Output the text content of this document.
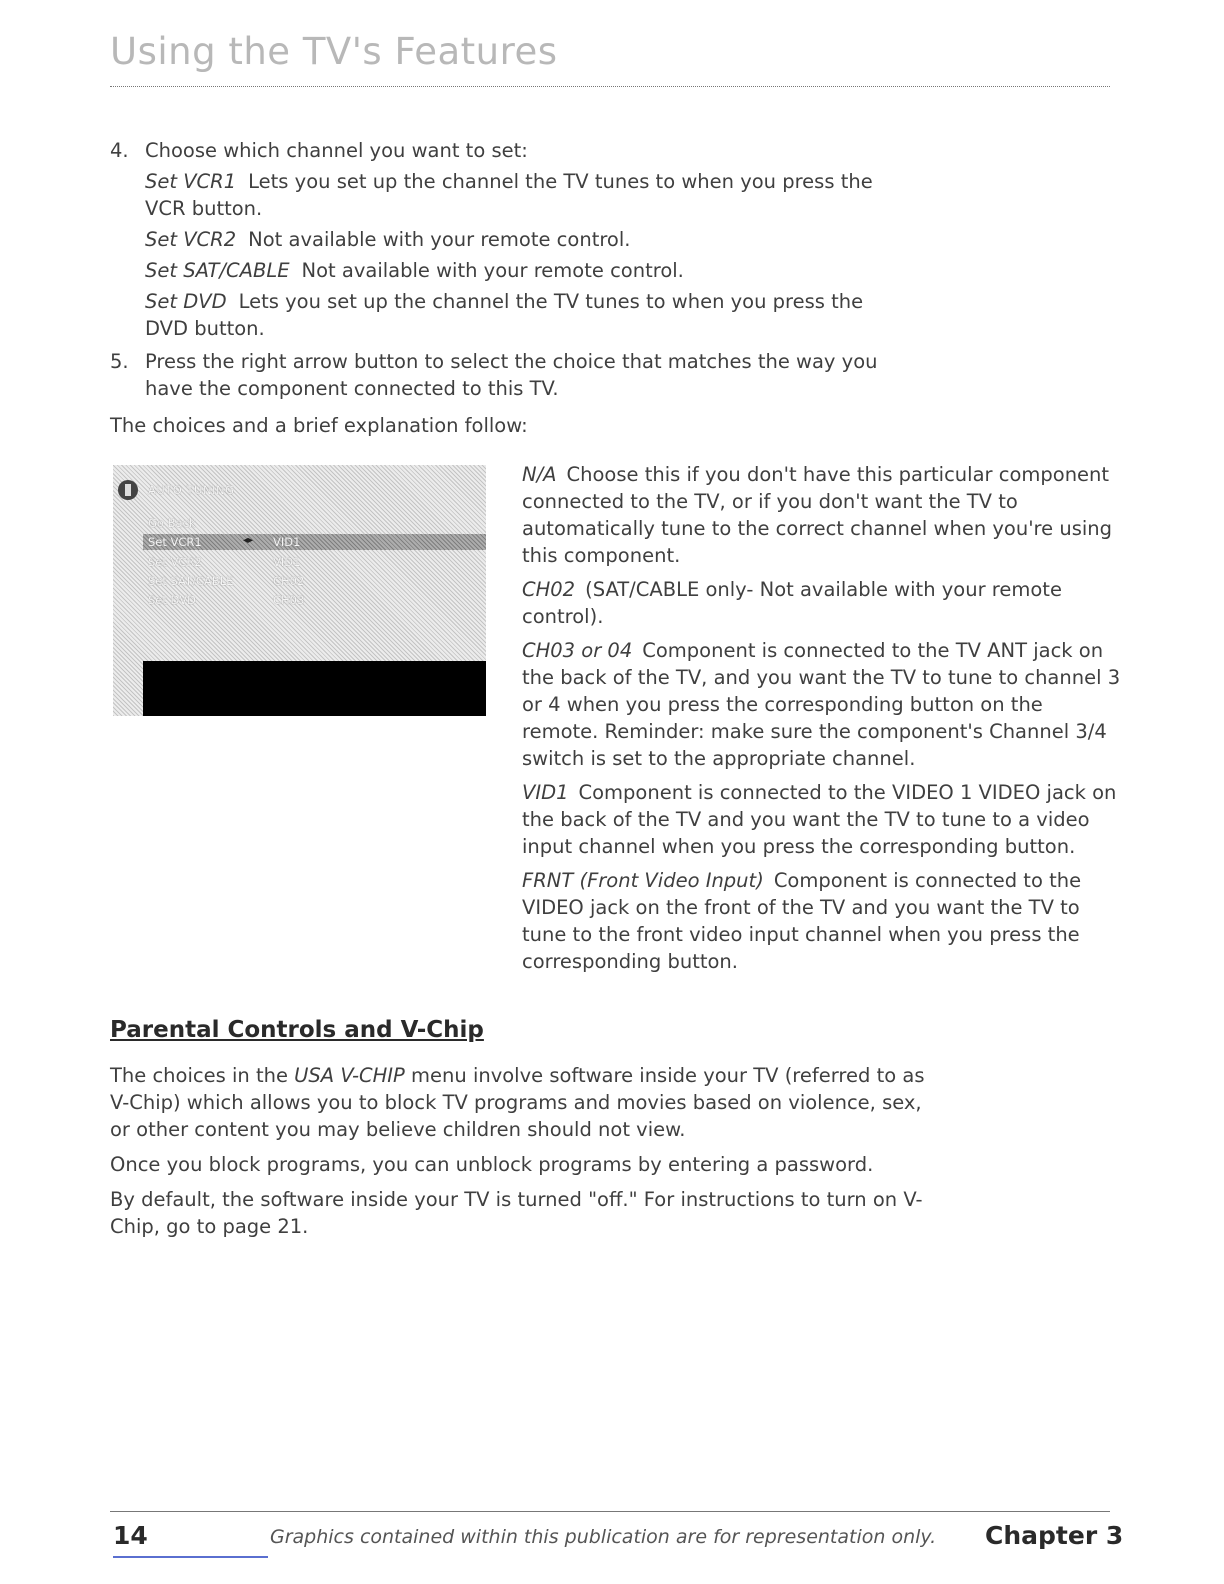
Using the TV's Features
4. Choose which channel you want to set:
Set VCR1 Lets you set up the channel the TV tunes to when you press the VCR button.
Set VCR2 Not available with your remote control.
Set SAT/CABLE Not available with your remote control.
Set DVD Lets you set up the channel the TV tunes to when you press the DVD button.
5. Press the right arrow button to select the choice that matches the way you have the component connected to this TV.
The choices and a brief explanation follow:
AUTO TUNING
Go Back
Set VCR1	◂▸ VID1
Set VCR2	VID1
Set SAT/CABLE	CH02
Set DVD	CH03
N/A Choose this if you don't have this particular component connected to the TV, or if you don't want the TV to automatically tune to the correct channel when you're using this component.
CH02 (SAT/CABLE only- Not available with your remote control).
CH03 or 04 Component is connected to the TV ANT jack on the back of the TV, and you want the TV to tune to channel 3 or 4 when you press the corresponding button on the remote. Reminder: make sure the component's Channel 3/4 switch is set to the appropriate channel.
VID1 Component is connected to the VIDEO 1 VIDEO jack on the back of the TV and you want the TV to tune to a video input channel when you press the corresponding button.
FRNT (Front Video Input) Component is connected to the VIDEO jack on the front of the TV and you want the TV to tune to the front video input channel when you press the corresponding button.
Parental Controls and V-Chip

The choices in the USA V-CHIP menu involve software inside your TV (referred to as V-Chip) which allows you to block TV programs and movies based on violence, sex, or other content you may believe children should not view.

Once you block programs, you can unblock programs by entering a password.

By default, the software inside your TV is turned "off." For instructions to turn on V-Chip, go to page 21.

14	Graphics contained within this publication are for representation only. Chapter 3
